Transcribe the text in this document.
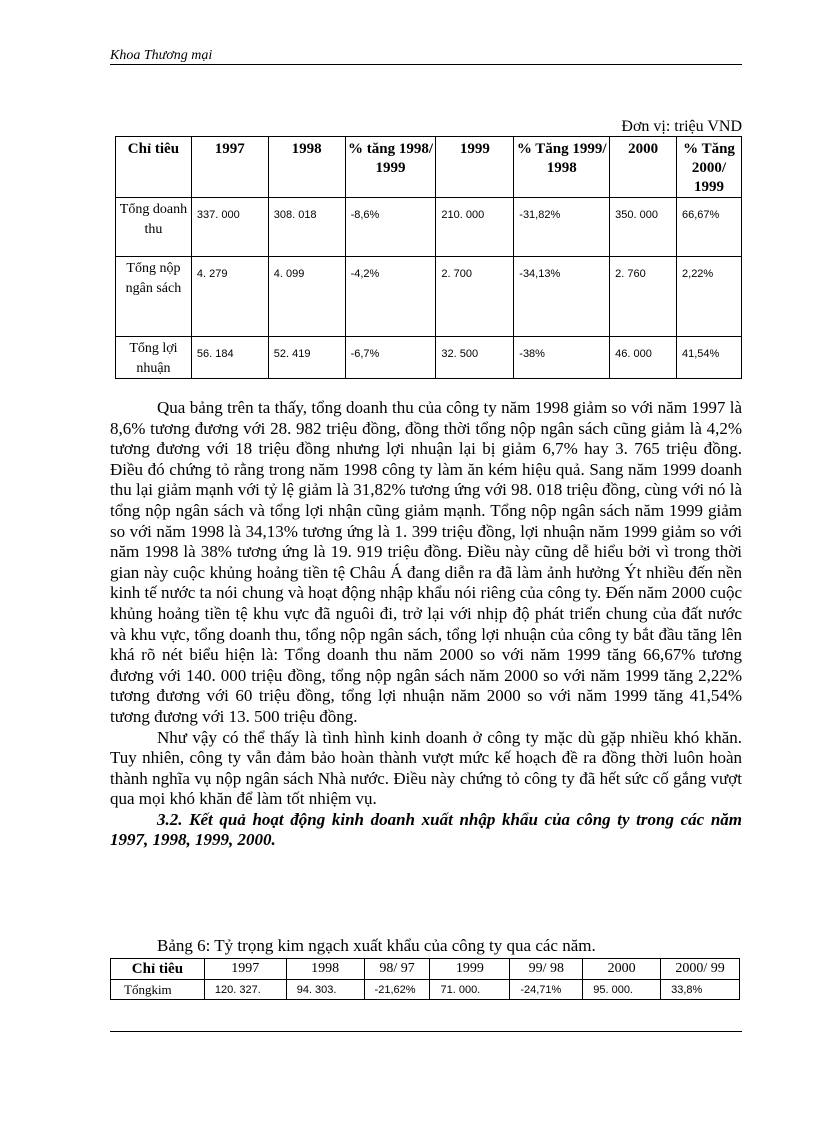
Khoa Thương mại
Đơn vị: triệu VND
Chỉ tiêu	1997	1998	% tăng 1998/ 1999	1999	% Tăng 1999/ 1998	2000	% Tăng 2000/ 1999
Tổng doanh thu	337. 000	308. 018	-8,6%	210. 000	-31,82%	350. 000	66,67%
Tổng nộp ngân sách	4. 279	4. 099	-4,2%	2. 700	-34,13%	2. 760	2,22%
Tổng lợi nhuận	56. 184	52. 419	-6,7%	32. 500	-38%	46. 000	41,54%

Qua bảng trên ta thấy, tổng doanh thu của công ty năm 1998 giảm so với năm 1997 là 8,6% tương đương với 28. 982 triệu đồng, đồng thời tổng nộp ngân sách cũng giảm là 4,2% tương đương với 18 triệu đồng nhưng lợi nhuận lại bị giảm 6,7% hay 3. 765 triệu đồng. Điều đó chứng tỏ rằng trong năm 1998 công ty làm ăn kém hiệu quả. Sang năm 1999 doanh thu lại giảm mạnh với tỷ lệ giảm là 31,82% tương ứng với 98. 018 triệu đồng, cùng với nó là tổng nộp ngân sách và tổng lợi nhận cũng giảm mạnh. Tổng nộp ngân sách năm 1999 giảm so với năm 1998 là 34,13% tương ứng là 1. 399 triệu đồng, lợi nhuận năm 1999 giảm so với năm 1998 là 38% tương ứng là 19. 919 triệu đồng. Điều này cũng dễ hiểu bởi vì trong thời gian này cuộc khủng hoảng tiền tệ Châu Á đang diễn ra đã làm ảnh hưởng Ýt nhiều đến nền kinh tế nước ta nói chung và hoạt động nhập khẩu nói riêng của công ty. Đến năm 2000 cuộc khủng hoảng tiền tệ khu vực đã nguôi đi, trở lại với nhịp độ phát triển chung của đất nước và khu vực, tổng doanh thu, tổng nộp ngân sách, tổng lợi nhuận của công ty bắt đầu tăng lên khá rõ nét biểu hiện là: Tổng doanh thu năm 2000 so với năm 1999 tăng 66,67% tương đương với 140. 000 triệu đồng, tổng nộp ngân sách năm 2000 so với năm 1999 tăng 2,22% tương đương với 60 triệu đồng, tổng lợi nhuận năm 2000 so với năm 1999 tăng 41,54% tương đương với 13. 500 triệu đồng.

Như vậy có thể thấy là tình hình kinh doanh ở công ty mặc dù gặp nhiều khó khăn. Tuy nhiên, công ty vẫn đảm bảo hoàn thành vượt mức kế hoạch đề ra đồng thời luôn hoàn thành nghĩa vụ nộp ngân sách Nhà nước. Điều này chứng tỏ công ty đã hết sức cố gắng vượt qua mọi khó khăn để làm tốt nhiệm vụ.

3.2. Kết quả hoạt động kinh doanh xuất nhập khẩu của công ty trong các năm 1997, 1998, 1999, 2000.

Bảng 6: Tỷ trọng kim ngạch xuất khẩu của công ty qua các năm.
Chỉ tiêu	1997	1998	98/ 97	1999	99/ 98	2000	2000/ 99
Tổngkim	120. 327.	94. 303.	-21,62%	71. 000.	-24,71%	95. 000.	33,8%
